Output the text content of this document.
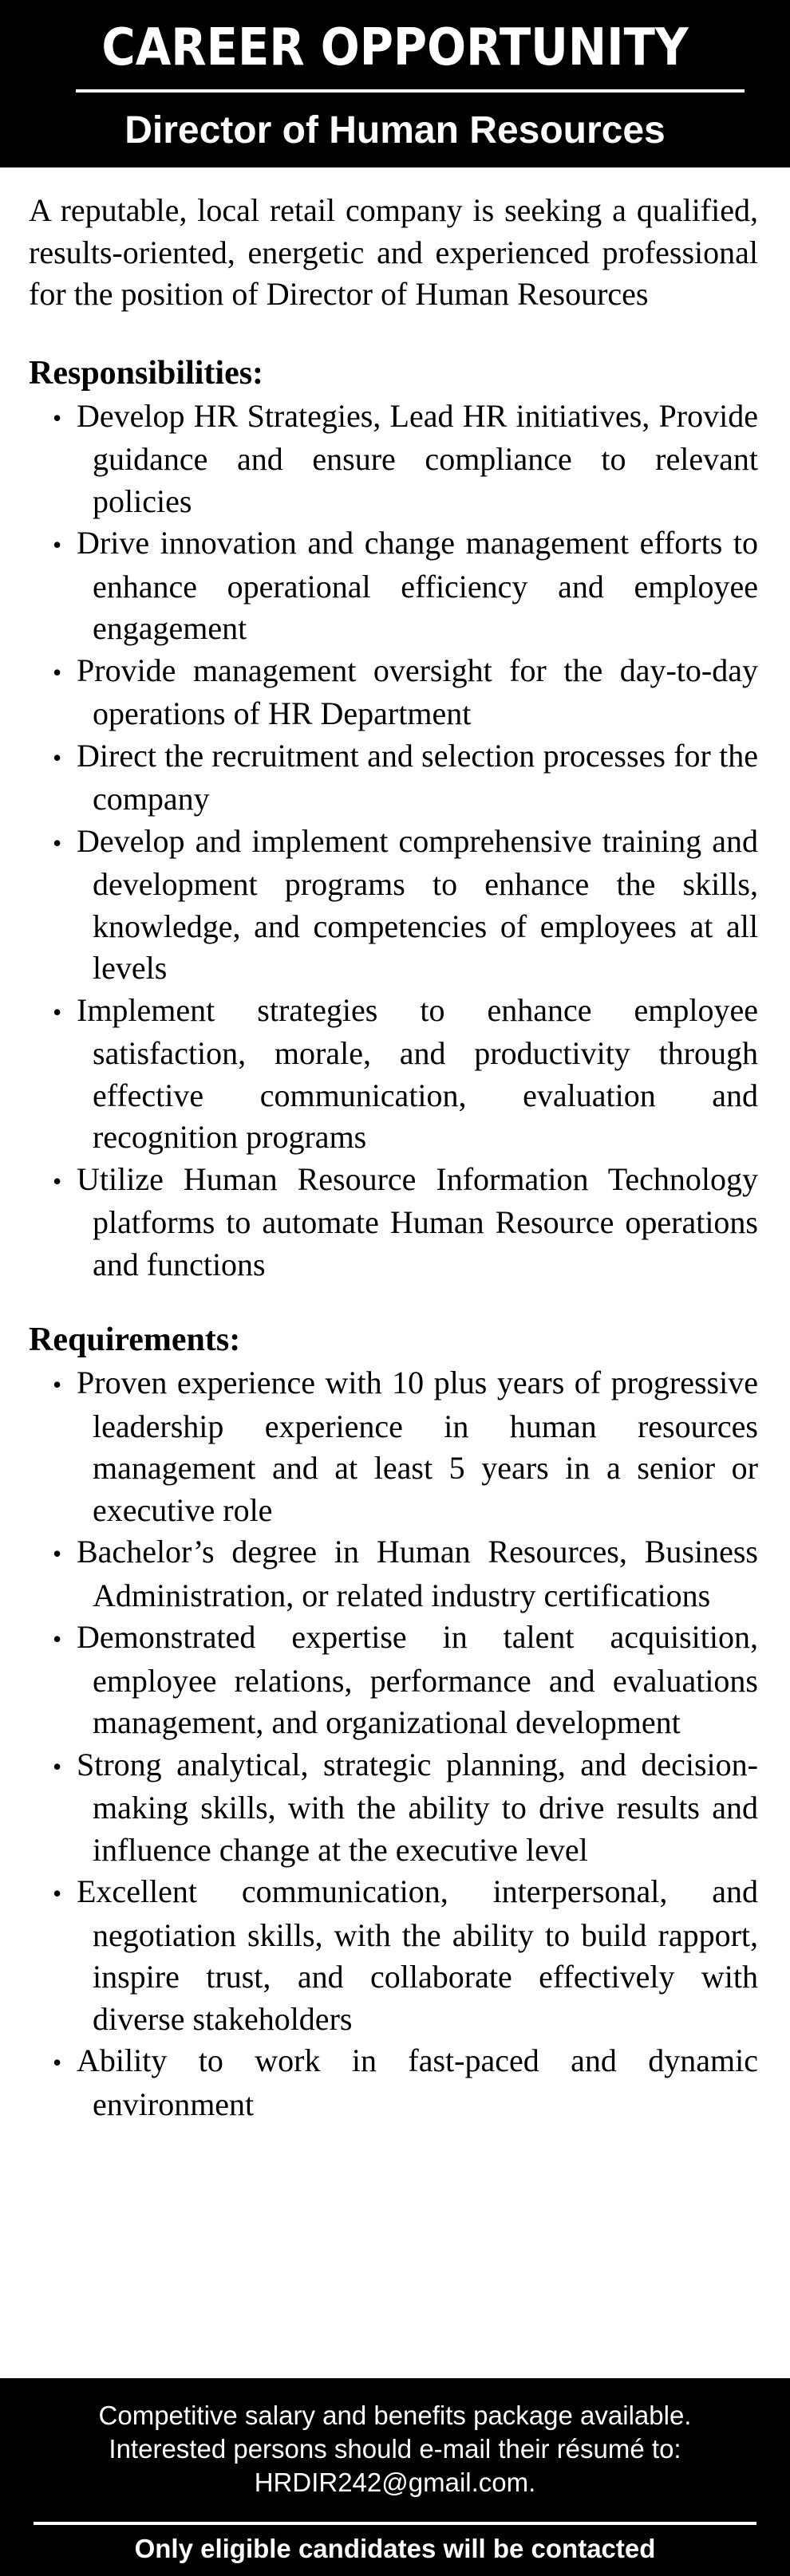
CAREER OPPORTUNITY
Director of Human Resources

A reputable, local retail company is seeking a qualified, results-oriented, energetic and experienced professional for the position of Director of Human Resources

Responsibilities:
• Develop HR Strategies, Lead HR initiatives, Provide guidance and ensure compliance to relevant policies
• Drive innovation and change management efforts to enhance operational efficiency and employee engagement
• Provide management oversight for the day-to-day operations of HR Department
• Direct the recruitment and selection processes for the company
• Develop and implement comprehensive training and development programs to enhance the skills, knowledge, and competencies of employees at all levels
• Implement strategies to enhance employee satisfaction, morale, and productivity through effective communication, evaluation and recognition programs
• Utilize Human Resource Information Technology platforms to automate Human Resource operations and functions
Requirements:
• Proven experience with 10 plus years of progressive leadership experience in human resources management and at least 5 years in a senior or executive role
• Bachelor’s degree in Human Resources, Business Administration, or related industry certifications
• Demonstrated expertise in talent acquisition, employee relations, performance and evaluations management, and organizational development
• Strong analytical, strategic planning, and decision-making skills, with the ability to drive results and influence change at the executive level
• Excellent communication, interpersonal, and negotiation skills, with the ability to build rapport, inspire trust, and collaborate effectively with diverse stakeholders
• Ability to work in fast-paced and dynamic environment
Competitive salary and benefits package available.
Interested persons should e-mail their résumé to:
HRDIR242@gmail.com.
Only eligible candidates will be contacted
